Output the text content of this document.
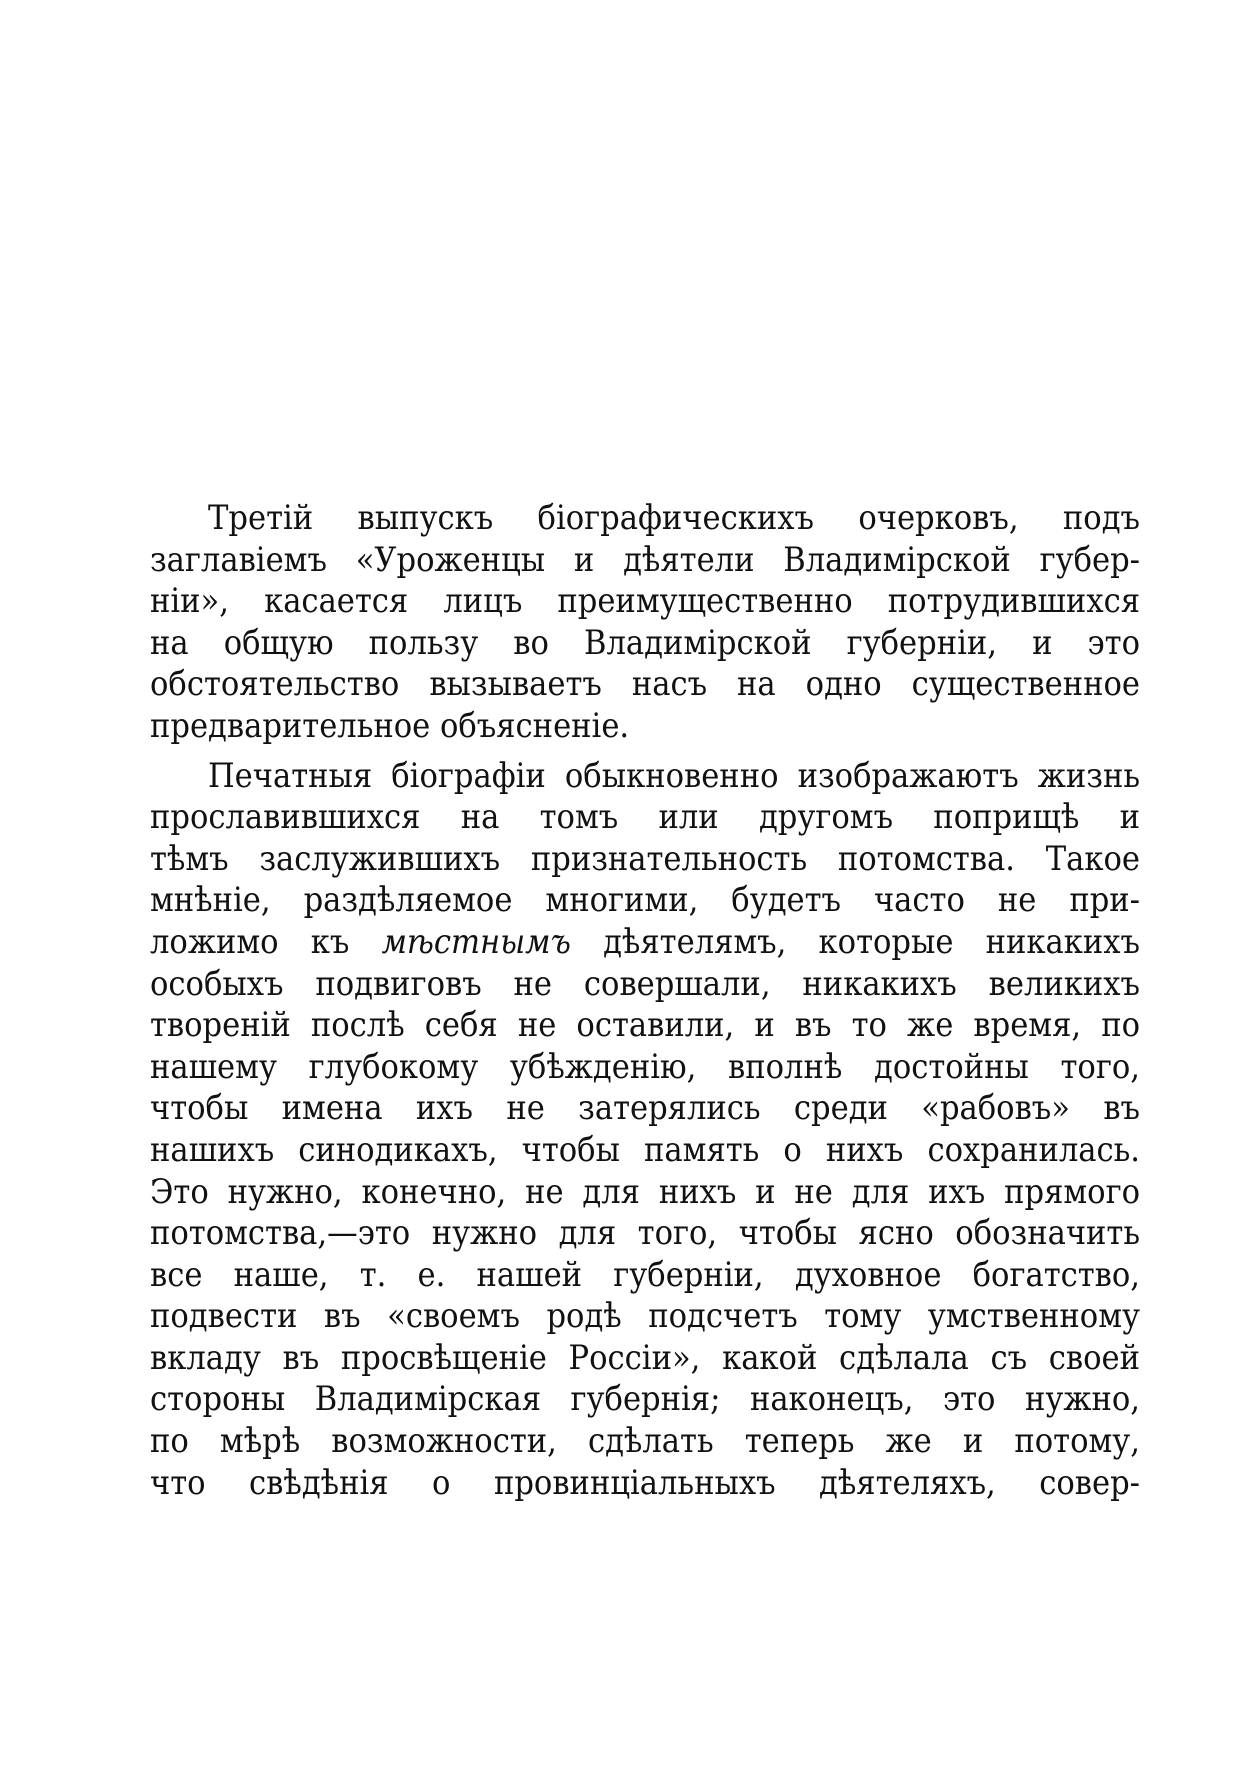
Третій выпускъ біографическихъ очерковъ, подъ
заглавіемъ «Уроженцы и дѣятели Владимірской губер-
ніи», касается лицъ преимущественно потрудившихся
на общую пользу во Владимірской губерніи, и это
обстоятельство вызываетъ насъ на одно существенное
предварительное объясненіе.
Печатныя біографіи обыкновенно изображаютъ жизнь
прославившихся на томъ или другомъ поприщѣ и
тѣмъ заслужившихъ признательность потомства. Такое
мнѣніе, раздѣляемое многими, будетъ часто не при-
ложимо къ мѣстнымъ дѣятелямъ, которые никакихъ
особыхъ подвиговъ не совершали, никакихъ великихъ
твореній послѣ себя не оставили, и въ то же время, по
нашему глубокому убѣжденію, вполнѣ достойны того,
чтобы имена ихъ не затерялись среди «рабовъ» въ
нашихъ синодикахъ, чтобы память о нихъ сохранилась.
Это нужно, конечно, не для нихъ и не для ихъ прямого
потомства,—это нужно для того, чтобы ясно обозначить
все наше, т. е. нашей губерніи, духовное богатство,
подвести въ «своемъ родѣ подсчетъ тому умственному
вкладу въ просвѣщеніе Россіи», какой сдѣлала съ своей
стороны Владимірская губернія; наконецъ, это нужно,
по мѣрѣ возможности, сдѣлать теперь же и потому,
что свѣдѣнія о провинціальныхъ дѣятеляхъ, совер-
